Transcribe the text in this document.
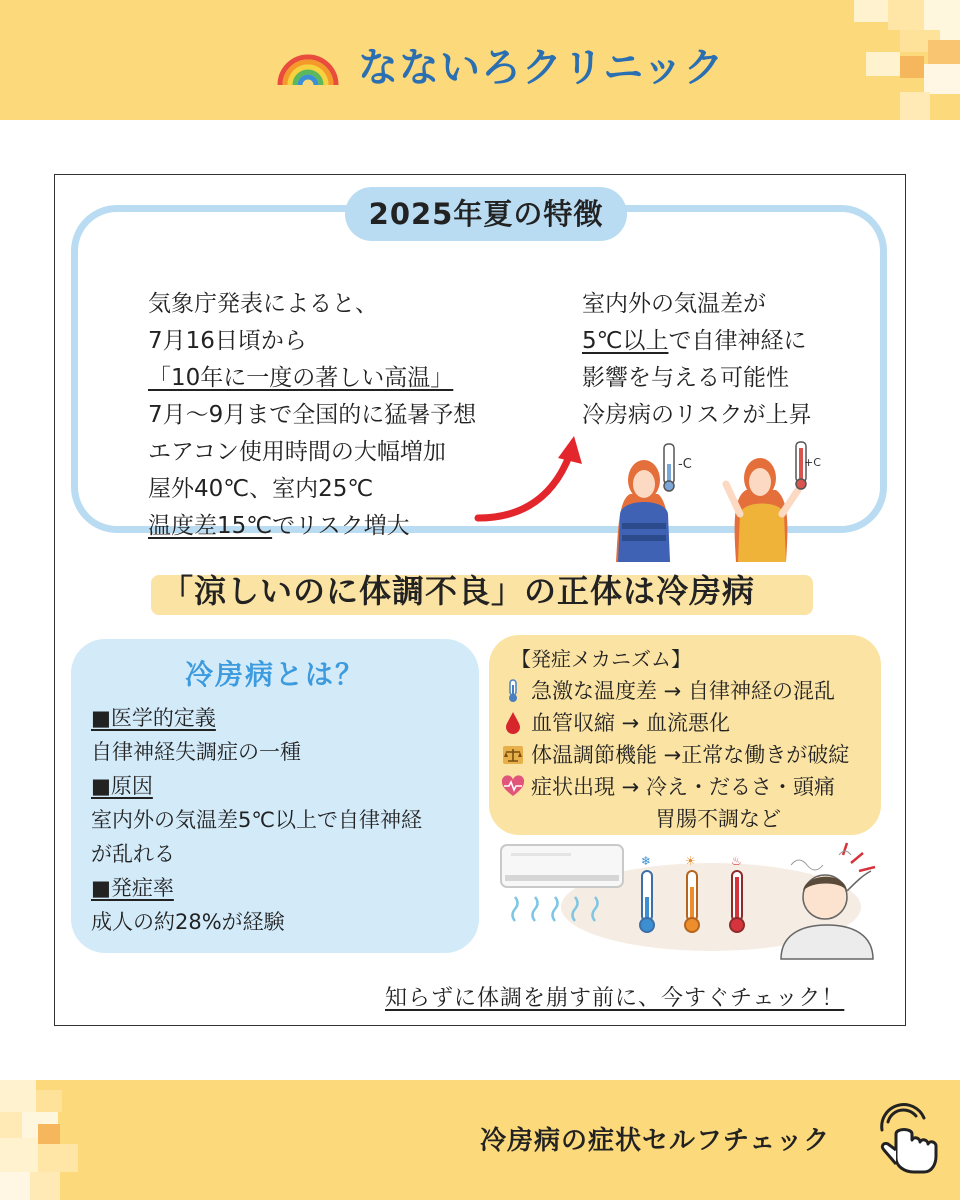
なないろクリニック
気象庁発表によると、
7月16日頃から
「10年に一度の著しい高温」
7月～9月まで全国的に猛暑予想
エアコン使用時間の大幅増加
屋外40℃、室内25℃
温度差15℃でリスク増大
室内外の気温差が
5℃以上で自律神経に
影響を与える可能性
冷房病のリスクが上昇
-C	+C
2025年夏の特徴
「涼しいのに体調不良」の正体は冷房病
冷房病とは？
■医学的定義
自律神経失調症の一種
■原因
室内外の気温差5℃以上で自律神経
が乱れる
■発症率
成人の約28%が経験
【発症メカニズム】
急激な温度差 → 自律神経の混乱
血管収縮 → 血流悪化
体温調節機能 →正常な働きが破綻
症状出現 → 冷え・だるさ・頭痛
胃腸不調など
❄	☀	♨
知らずに体調を崩す前に、今すぐチェック！
冷房病の症状セルフチェック
